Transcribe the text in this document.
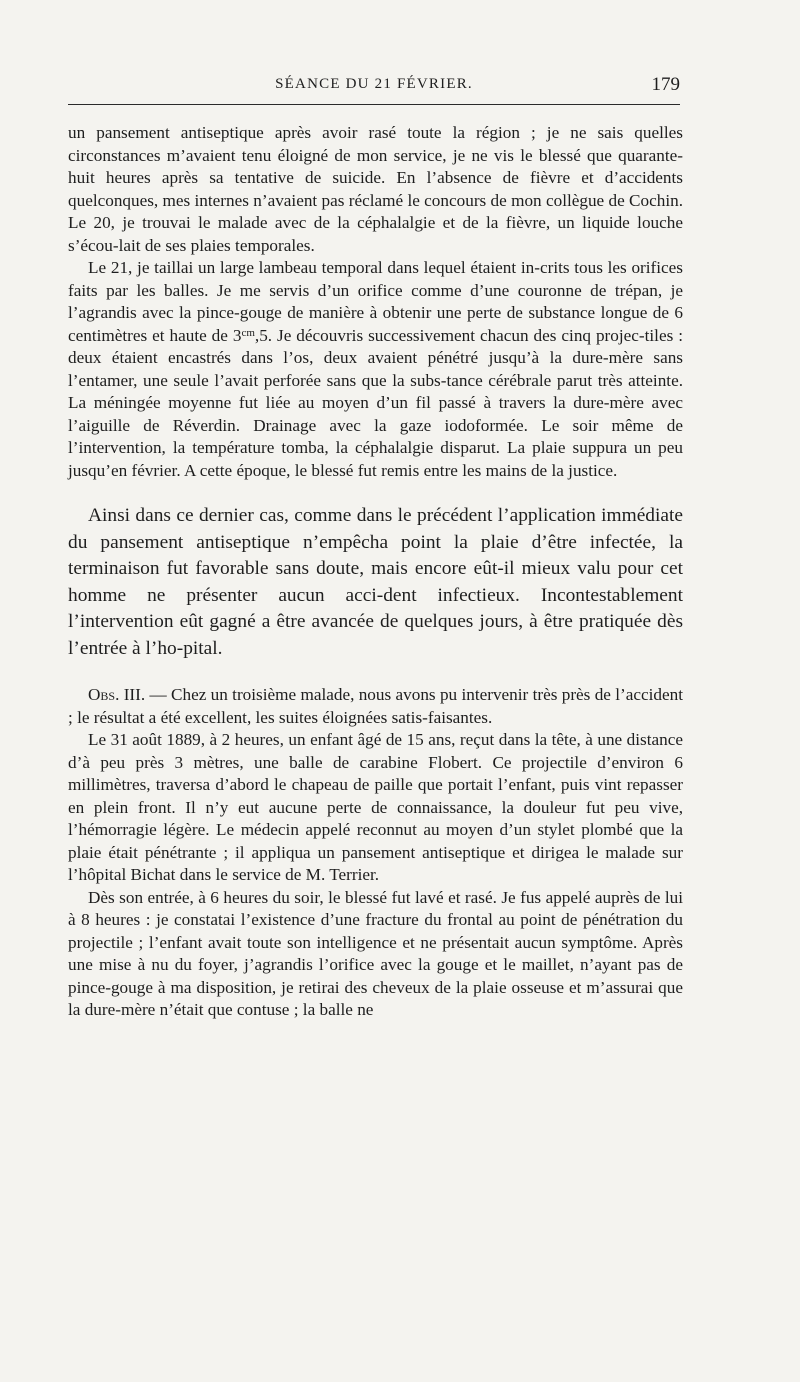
SÉANCE DU 21 FÉVRIER.	179

un pansement antiseptique après avoir rasé toute la région ; je ne sais quelles circonstances m’avaient tenu éloigné de mon service, je ne vis le blessé que quarante-huit heures après sa tentative de suicide. En l’absence de fièvre et d’accidents quelconques, mes internes n’avaient pas réclamé le concours de mon collègue de Cochin. Le 20, je trouvai le malade avec de la céphalalgie et de la fièvre, un liquide louche s’écou-lait de ses plaies temporales.

Le 21, je taillai un large lambeau temporal dans lequel étaient in-crits tous les orifices faits par les balles. Je me servis d’un orifice comme d’une couronne de trépan, je l’agrandis avec la pince-gouge de manière à obtenir une perte de substance longue de 6 centimètres et haute de $3^{cm},5$. Je découvris successivement chacun des cinq projec-tiles : deux étaient encastrés dans l’os, deux avaient pénétré jusqu’à la dure-mère sans l’entamer, une seule l’avait perforée sans que la subs-tance cérébrale parut très atteinte. La méningée moyenne fut liée au moyen d’un fil passé à travers la dure-mère avec l’aiguille de Réverdin. Drainage avec la gaze iodoformée. Le soir même de l’intervention, la température tomba, la céphalalgie disparut. La plaie suppura un peu jusqu’en février. A cette époque, le blessé fut remis entre les mains de la justice.

Ainsi dans ce dernier cas, comme dans le précédent l’application immédiate du pansement antiseptique n’empêcha point la plaie d’être infectée, la terminaison fut favorable sans doute, mais encore eût-il mieux valu pour cet homme ne présenter aucun acci-dent infectieux. Incontestablement l’intervention eût gagné a être avancée de quelques jours, à être pratiquée dès l’entrée à l’ho-pital.

Obs. III. — Chez un troisième malade, nous avons pu intervenir très près de l’accident ; le résultat a été excellent, les suites éloignées satis-faisantes.

Le 31 août 1889, à 2 heures, un enfant âgé de 15 ans, reçut dans la tête, à une distance d’à peu près 3 mètres, une balle de carabine Flobert. Ce projectile d’environ 6 millimètres, traversa d’abord le chapeau de paille que portait l’enfant, puis vint repasser en plein front. Il n’y eut aucune perte de connaissance, la douleur fut peu vive, l’hémorragie légère. Le médecin appelé reconnut au moyen d’un stylet plombé que la plaie était pénétrante ; il appliqua un pansement antiseptique et dirigea le malade sur l’hôpital Bichat dans le service de M. Terrier.

Dès son entrée, à 6 heures du soir, le blessé fut lavé et rasé. Je fus appelé auprès de lui à 8 heures : je constatai l’existence d’une fracture du frontal au point de pénétration du projectile ; l’enfant avait toute son intelligence et ne présentait aucun symptôme. Après une mise à nu du foyer, j’agrandis l’orifice avec la gouge et le maillet, n’ayant pas de pince-gouge à ma disposition, je retirai des cheveux de la plaie osseuse et m’assurai que la dure-mère n’était que contuse ; la balle ne
